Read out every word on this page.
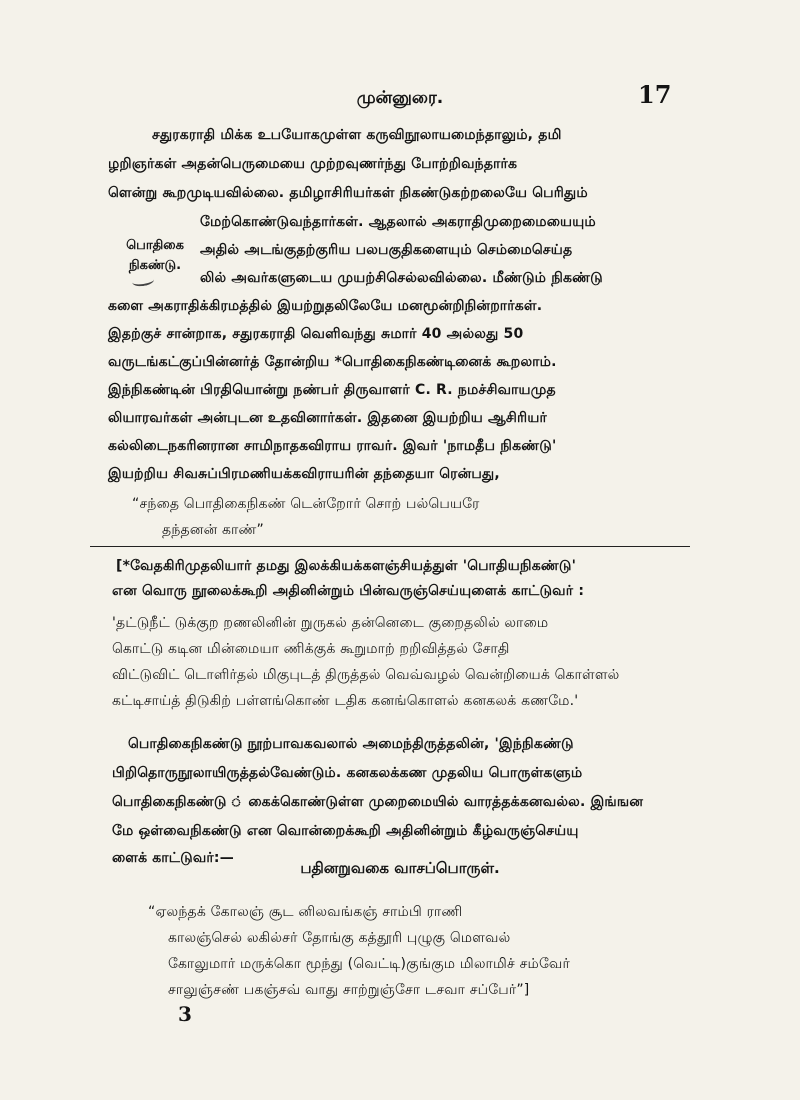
முன்னுரை.	17
சதுரகராதி மிக்க உபயோகமுள்ள கருவிநூலாயமைந்தாலும், தமி
ழறிஞர்கள் அதன்பெருமையை முற்றவுணர்ந்து போற்றிவந்தார்க
ளென்று கூறமுடியவில்லை. தமிழாசிரியர்கள் நிகண்டுகற்றலையே பெரிதும்
மேற்கொண்டுவந்தார்கள். ஆதலால் அகராதிமுறைமையையும்
அதில் அடங்குதற்குரிய பலபகுதிகளையும் செம்மைசெய்த
லில் அவர்களுடைய முயற்சிசெல்லவில்லை. மீண்டும் நிகண்டு
களை அகராதிக்கிரமத்தில் இயற்றுதலிலேயே மனமூன்றிநின்றார்கள்.
இதற்குச் சான்றாக, சதுரகராதி வெளிவந்து சுமார் 40 அல்லது 50
வருடங்கட்குப்பின்னர்த் தோன்றிய *பொதிகைநிகண்டினைக் கூறலாம்.
இந்நிகண்டின் பிரதியொன்று நண்பர் திருவாளர் C. R. நமச்சிவாயமுத
லியாரவர்கள் அன்புடன உதவினார்கள். இதனை இயற்றிய ஆசிரியர்
கல்லிடைநகரினரான சாமிநாதகவிராய ராவர். இவர் 'நாமதீப நிகண்டு'
இயற்றிய சிவசுப்பிரமணியக்கவிராயரின் தந்தையா ரென்பது,
பொதிகை
நிகண்டு.
“சந்தை பொதிகைநிகண் டென்றோர் சொற் பல்பெயரே
தந்தனன் காண்”
[*வேதகிரிமுதலியார் தமது இலக்கியக்களஞ்சியத்துள் 'பொதியநிகண்டு'
என வொரு நூலைக்கூறி அதினின்றும் பின்வருஞ்செய்யுளைக் காட்டுவர் :
'தட்டுநீட் டுக்குற றணலினின் றுருகல் தன்னெடை குறைதலில் லாமை
கொட்டு கடின மின்மையா ணிக்குக் கூறுமாற் றறிவித்தல் சோதி
விட்டுவிட் டொளிர்தல் மிகுபுடத் திருத்தல் வெவ்வழல் வென்றியைக் கொள்ளல்
கட்டிசாய்த் திடுகிற் பள்ளங்கொண் டதிக கனங்கொளல் கனகலக் கணமே.'
பொதிகைநிகண்டு நூற்பாவகவலால் அமைந்திருத்தலின், 'இந்நிகண்டு
பிறிதொருநூலாயிருத்தல்வேண்டும். கனகலக்கண முதலிய பொருள்களும்
பொதிகைநிகண்டு ் கைக்கொண்டுள்ள முறைமையில் வாரத்தக்கனவல்ல. இங்ஙன
மே ஒள்வைநிகண்டு என வொன்றைக்கூறி அதினின்றும் கீழ்வருஞ்செய்யு
ளைக் காட்டுவர்:—
பதினறுவகை வாசப்பொருள்.
“ஏலந்தக் கோலஞ் சூட னிலவங்கஞ் சாம்பி ராணி
காலஞ்செல் லகில்சர் தோங்கு கத்தூரி புழுகு மெளவல்
கோலுமார் மருக்கொ மூந்து (வெட்டி)குங்கும மிலாமிச் சம்வேர்
சாலுஞ்சண் பகஞ்சவ் வாது சாற்றுஞ்சோ டசவா சப்பேர்”]
3
